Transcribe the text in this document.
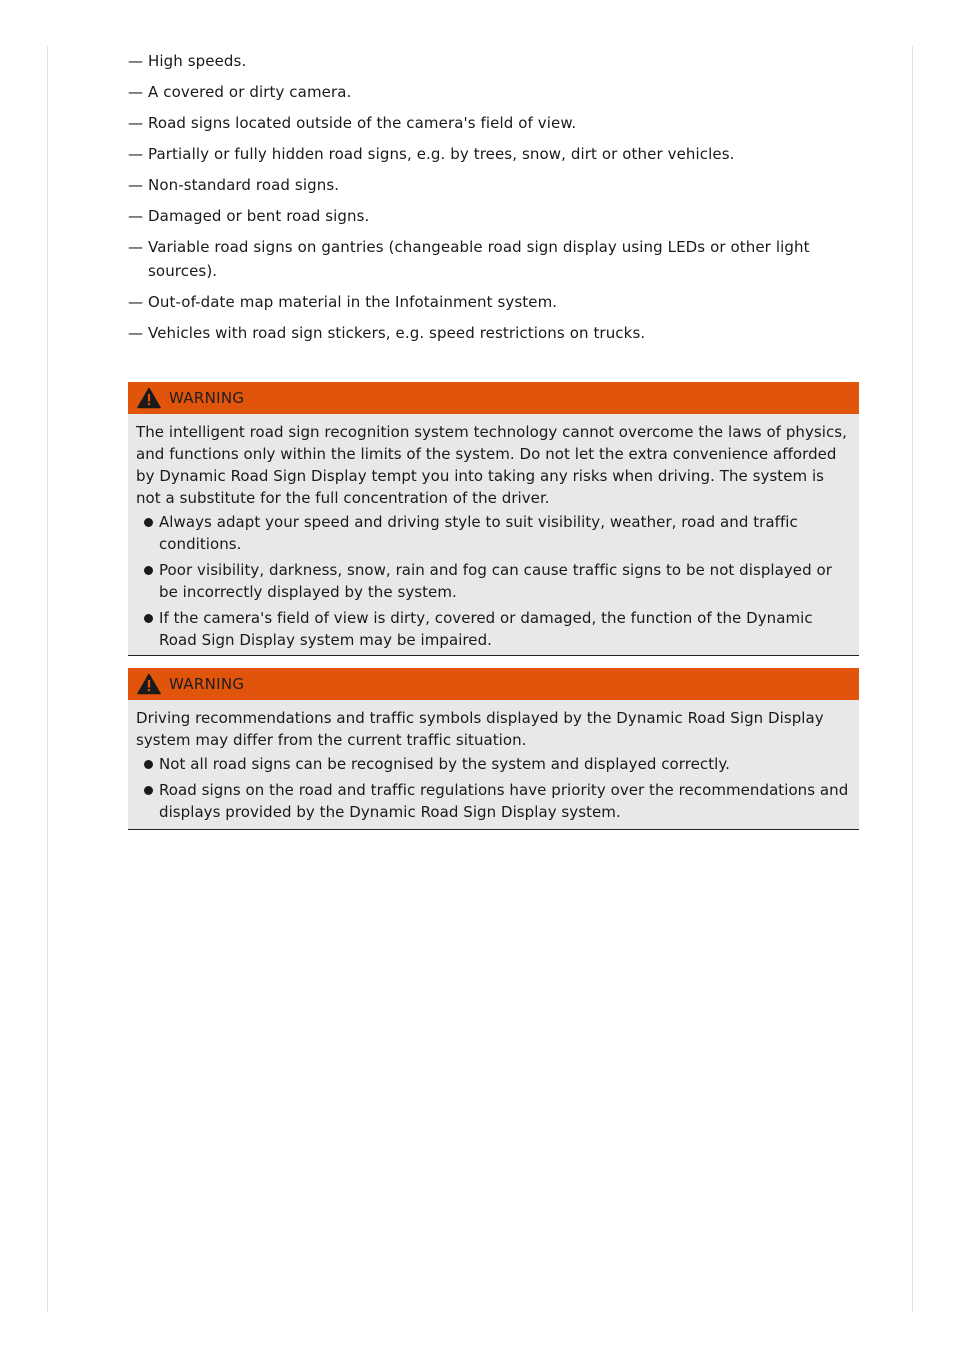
— High speeds.
— A covered or dirty camera.
— Road signs located outside of the camera's field of view.
— Partially or fully hidden road signs, e.g. by trees, snow, dirt or other vehicles.
— Non-standard road signs.
— Damaged or bent road signs.
— Variable road signs on gantries (changeable road sign display using LEDs or other light sources).
— Out-of-date map material in the Infotainment system.
— Vehicles with road sign stickers, e.g. speed restrictions on trucks.
WARNING

The intelligent road sign recognition system technology cannot overcome the laws of physics, and functions only within the limits of the system. Do not let the extra convenience afforded by Dynamic Road Sign Display tempt you into taking any risks when driving. The system is not a substitute for the full concentration of the driver.

Always adapt your speed and driving style to suit visibility, weather, road and traffic conditions.
Poor visibility, darkness, snow, rain and fog can cause traffic signs to be not displayed or be incorrectly displayed by the system.
If the camera's field of view is dirty, covered or damaged, the function of the Dynamic Road Sign Display system may be impaired.
WARNING

Driving recommendations and traffic symbols displayed by the Dynamic Road Sign Display system may differ from the current traffic situation.

Not all road signs can be recognised by the system and displayed correctly.
Road signs on the road and traffic regulations have priority over the recommendations and displays provided by the Dynamic Road Sign Display system.
